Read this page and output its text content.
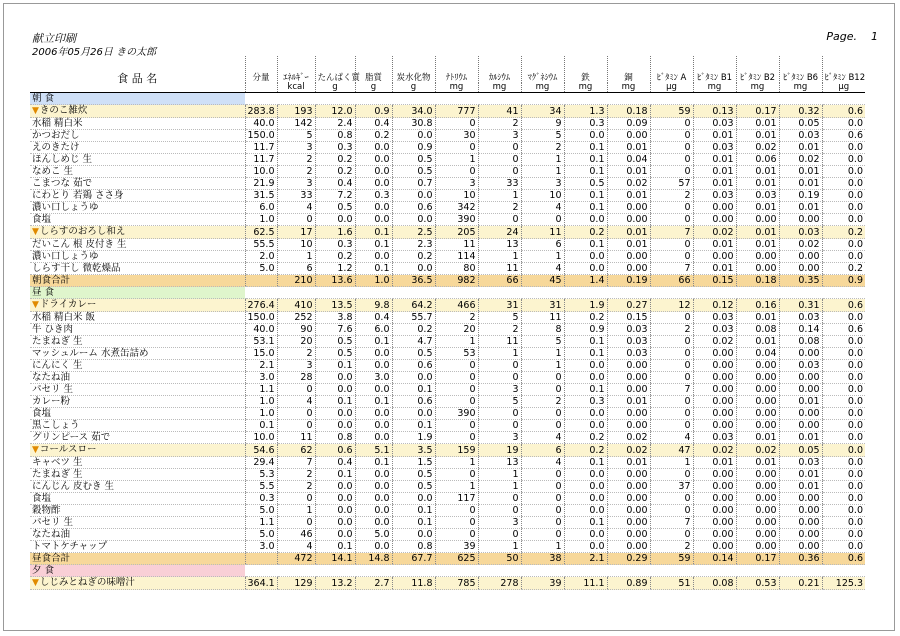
献立印刷
2006年05月26日 きの太郎
Page. 1
食 品 名	分量	ｴﾈﾙｷﾞｰ	たんぱく質	脂質	炭水化物	ﾅﾄﾘｳﾑ	ｶﾙｼｳﾑ	ﾏｸﾞﾈｼｳﾑ	鉄	銅	ﾋﾞﾀﾐﾝ A	ﾋﾞﾀﾐﾝ B1	ﾋﾞﾀﾐﾝ B2	ﾋﾞﾀﾐﾝ B6	ﾋﾞﾀﾐﾝ B12
		kcal	g	g	g	mg	mg	mg	mg	mg	μg	mg	mg	mg	μg
朝 食															
▼きのこ雑炊	283.8	193	12.0	0.9	34.0	777	41	34	1.3	0.18	59	0.13	0.17	0.32	0.6
水稲 精白米	40.0	142	2.4	0.4	30.8	0	2	9	0.3	0.09	0	0.03	0.01	0.05	0.0
かつおだし	150.0	5	0.8	0.2	0.0	30	3	5	0.0	0.00	0	0.01	0.01	0.03	0.6
えのきたけ	11.7	3	0.3	0.0	0.9	0	0	2	0.1	0.01	0	0.03	0.02	0.01	0.0
ほんしめじ 生	11.7	2	0.2	0.0	0.5	1	0	1	0.1	0.04	0	0.01	0.06	0.02	0.0
なめこ 生	10.0	2	0.2	0.0	0.5	0	0	1	0.1	0.01	0	0.01	0.01	0.01	0.0
こまつな 茹で	21.9	3	0.4	0.0	0.7	3	33	3	0.5	0.02	57	0.01	0.01	0.01	0.0
にわとり 若鶏 ささ身	31.5	33	7.2	0.3	0.0	10	1	10	0.1	0.01	2	0.03	0.03	0.19	0.0
濃い口しょうゆ	6.0	4	0.5	0.0	0.6	342	2	4	0.1	0.00	0	0.00	0.01	0.01	0.0
食塩	1.0	0	0.0	0.0	0.0	390	0	0	0.0	0.00	0	0.00	0.00	0.00	0.0
▼しらすのおろし和え	62.5	17	1.6	0.1	2.5	205	24	11	0.2	0.01	7	0.02	0.01	0.03	0.2
だいこん 根 皮付き 生	55.5	10	0.3	0.1	2.3	11	13	6	0.1	0.01	0	0.01	0.01	0.02	0.0
濃い口しょうゆ	2.0	1	0.2	0.0	0.2	114	1	1	0.0	0.00	0	0.00	0.00	0.00	0.0
しらす干し 微乾燥品	5.0	6	1.2	0.1	0.0	80	11	4	0.0	0.00	7	0.01	0.00	0.00	0.2
朝食合計		210	13.6	1.0	36.5	982	66	45	1.4	0.19	66	0.15	0.18	0.35	0.9
昼 食															
▼ドライカレー	276.4	410	13.5	9.8	64.2	466	31	31	1.9	0.27	12	0.12	0.16	0.31	0.6
水稲 精白米 飯	150.0	252	3.8	0.4	55.7	2	5	11	0.2	0.15	0	0.03	0.01	0.03	0.0
牛 ひき肉	40.0	90	7.6	6.0	0.2	20	2	8	0.9	0.03	2	0.03	0.08	0.14	0.6
たまねぎ 生	53.1	20	0.5	0.1	4.7	1	11	5	0.1	0.03	0	0.02	0.01	0.08	0.0
マッシュルーム 水煮缶詰め	15.0	2	0.5	0.0	0.5	53	1	1	0.1	0.03	0	0.00	0.04	0.00	0.0
にんにく 生	2.1	3	0.1	0.0	0.6	0	0	1	0.0	0.00	0	0.00	0.00	0.03	0.0
なたね油	3.0	28	0.0	3.0	0.0	0	0	0	0.0	0.00	0	0.00	0.00	0.00	0.0
パセリ 生	1.1	0	0.0	0.0	0.1	0	3	0	0.1	0.00	7	0.00	0.00	0.00	0.0
カレー粉	1.0	4	0.1	0.1	0.6	0	5	2	0.3	0.01	0	0.00	0.00	0.01	0.0
食塩	1.0	0	0.0	0.0	0.0	390	0	0	0.0	0.00	0	0.00	0.00	0.00	0.0
黒こしょう	0.1	0	0.0	0.0	0.1	0	0	0	0.0	0.00	0	0.00	0.00	0.00	0.0
グリンピース 茹で	10.0	11	0.8	0.0	1.9	0	3	4	0.2	0.02	4	0.03	0.01	0.01	0.0
▼コールスロー	54.6	62	0.6	5.1	3.5	159	19	6	0.2	0.02	47	0.02	0.02	0.05	0.0
キャベツ 生	29.4	7	0.4	0.1	1.5	1	13	4	0.1	0.01	1	0.01	0.01	0.03	0.0
たまねぎ 生	5.3	2	0.1	0.0	0.5	0	1	0	0.0	0.00	0	0.00	0.00	0.01	0.0
にんじん 皮むき 生	5.5	2	0.0	0.0	0.5	1	1	0	0.0	0.00	37	0.00	0.00	0.01	0.0
食塩	0.3	0	0.0	0.0	0.0	117	0	0	0.0	0.00	0	0.00	0.00	0.00	0.0
穀物酢	5.0	1	0.0	0.0	0.1	0	0	0	0.0	0.00	0	0.00	0.00	0.00	0.0
パセリ 生	1.1	0	0.0	0.0	0.1	0	3	0	0.1	0.00	7	0.00	0.00	0.00	0.0
なたね油	5.0	46	0.0	5.0	0.0	0	0	0	0.0	0.00	0	0.00	0.00	0.00	0.0
トマトケチャップ	3.0	4	0.1	0.0	0.8	39	1	1	0.0	0.00	2	0.00	0.00	0.00	0.0
昼食合計		472	14.1	14.8	67.7	625	50	38	2.1	0.29	59	0.14	0.17	0.36	0.6
夕 食															
▼しじみとねぎの味噌汁	364.1	129	13.2	2.7	11.8	785	278	39	11.1	0.89	51	0.08	0.53	0.21	125.3
